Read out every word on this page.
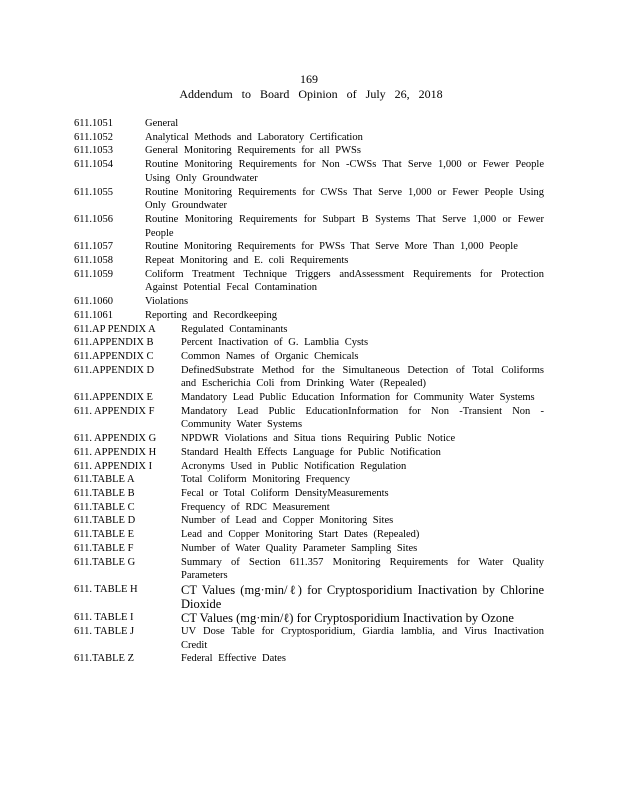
169
Addendum to Board Opinion of July 26, 2018
611.1051	General
611.1052	Analytical Methods and Laboratory Certification
611.1053	General Monitoring Requirements for all PWSs
611.1054	Routine Monitoring Requirements for Non -CWSs That Serve 1,000 or Fewer People Using Only Groundwater
611.1055	Routine Monitoring Requirements for CWSs That Serve 1,000 or Fewer People Using Only Groundwater
611.1056	Routine Monitoring Requirements for Subpart B Systems That Serve 1,000 or Fewer People
611.1057	Routine Monitoring Requirements for PWSs That Serve More Than 1,000 People
611.1058	Repeat Monitoring and E. coli Requirements
611.1059	Coliform Treatment Technique Triggers andAssessment Requirements for Protection Against Potential Fecal Contamination
611.1060	Violations
611.1061	Reporting and Recordkeeping
611.AP PENDIX A	Regulated Contaminants
611.APPENDIX B	Percent Inactivation of G. Lamblia Cysts
611.APPENDIX C	Common Names of Organic Chemicals
611.APPENDIX D	DefinedSubstrate Method for the Simultaneous Detection of Total Coliforms and Escherichia Coli from Drinking Water (Repealed)
611.APPENDIX E	Mandatory Lead Public Education Information for Community Water Systems
611. APPENDIX F	Mandatory Lead Public EducationInformation for Non -Transient Non - Community Water Systems
611. APPENDIX G	NPDWR Violations and Situa tions Requiring Public Notice
611. APPENDIX H	Standard Health Effects Language for Public Notification
611. APPENDIX I	Acronyms Used in Public Notification Regulation
611.TABLE A	Total Coliform Monitoring Frequency
611.TABLE B	Fecal or Total Coliform DensityMeasurements
611.TABLE C	Frequency of RDC Measurement
611.TABLE D	Number of Lead and Copper Monitoring Sites
611.TABLE E	Lead and Copper Monitoring Start Dates (Repealed)
611.TABLE F	Number of Water Quality Parameter Sampling Sites
611.TABLE G	Summary of Section 611.357 Monitoring Requirements for Water Quality Parameters
611. TABLE H	CT Values (mg·min/ℓ) for Cryptosporidium Inactivation by Chlorine Dioxide
611. TABLE I	CT Values (mg·min/ℓ) for Cryptosporidium Inactivation by Ozone
611. TABLE J	UV Dose Table for Cryptosporidium, Giardia lamblia, and Virus Inactivation Credit
611.TABLE Z	Federal Effective Dates
